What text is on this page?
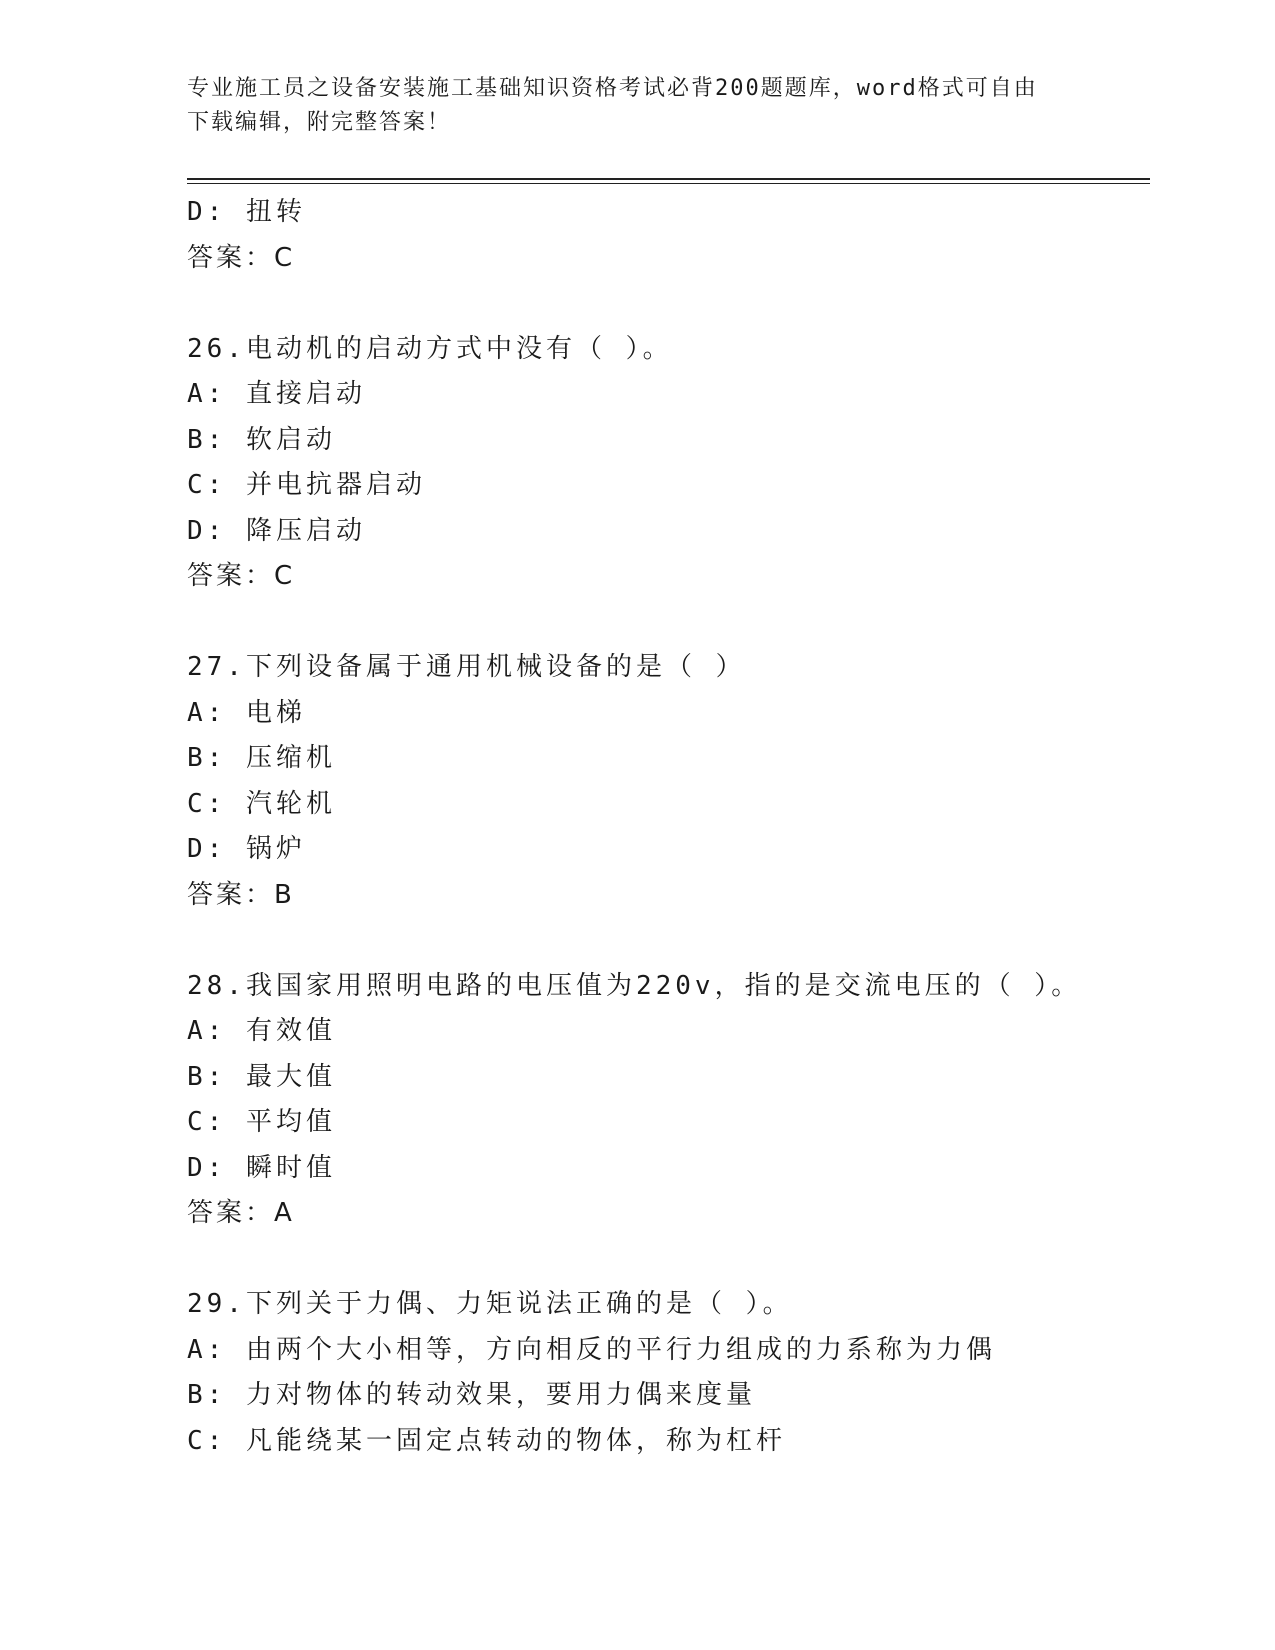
专业施工员之设备安装施工基础知识资格考试必背200题题库，word格式可自由
下载编辑，附完整答案！
D: 扭转
答案：C
26.电动机的启动方式中没有（ ）。
A: 直接启动
B: 软启动
C: 并电抗器启动
D: 降压启动
答案：C
27.下列设备属于通用机械设备的是（ ）
A: 电梯
B: 压缩机
C: 汽轮机
D: 锅炉
答案：B
28.我国家用照明电路的电压值为220v，指的是交流电压的（ ）。
A: 有效值
B: 最大值
C: 平均值
D: 瞬时值
答案：A
29.下列关于力偶、力矩说法正确的是（ ）。
A: 由两个大小相等，方向相反的平行力组成的力系称为力偶
B: 力对物体的转动效果，要用力偶来度量
C: 凡能绕某一固定点转动的物体，称为杠杆
